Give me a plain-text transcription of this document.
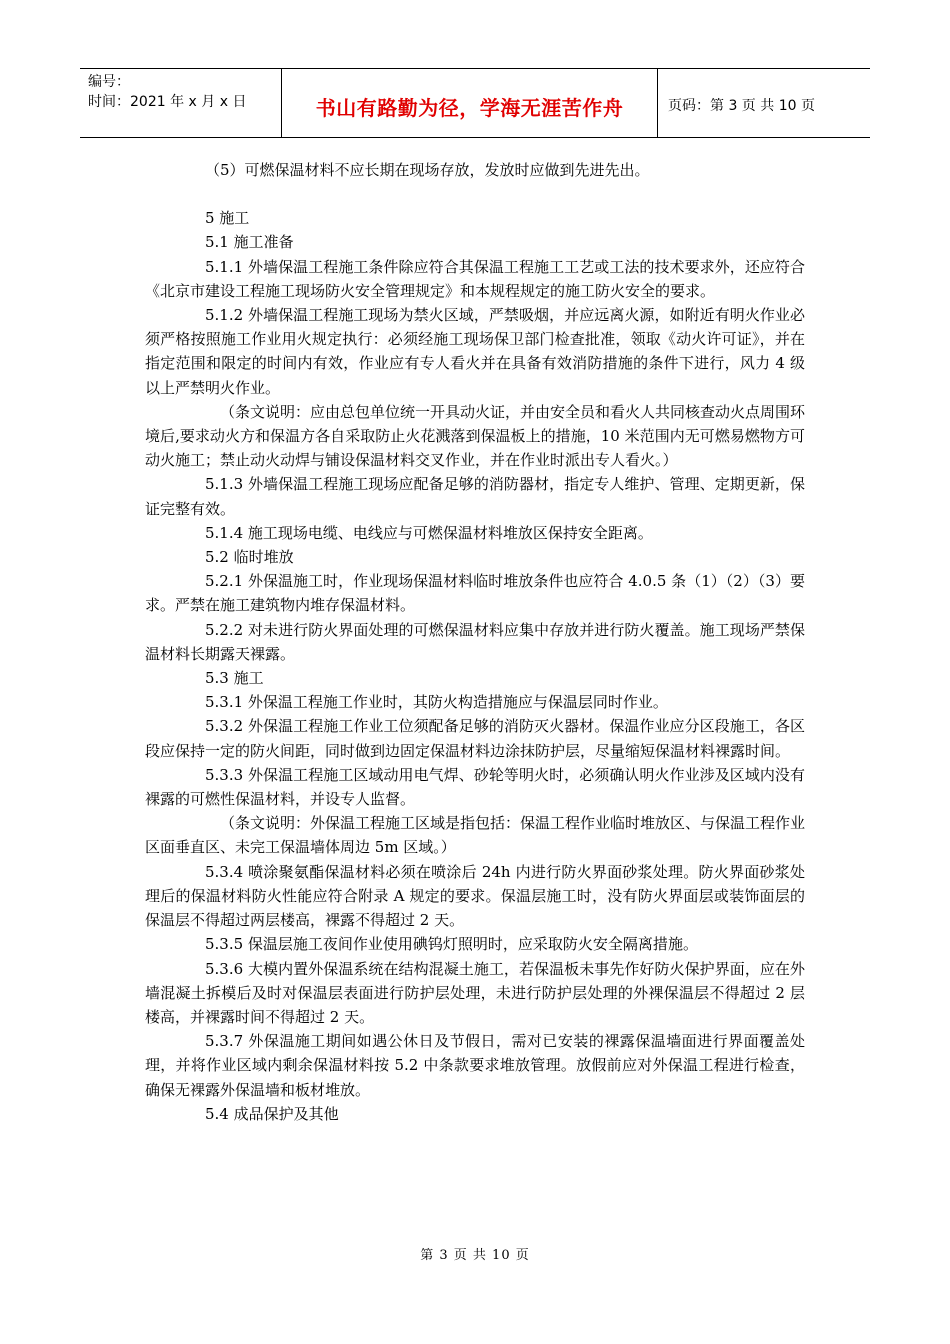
编号：
时间：2021 年 x 月 x 日	书山有路勤为径，学海无涯苦作舟	页码：第 3 页 共 10 页

（5）可燃保温材料不应长期在现场存放，发放时应做到先进先出。

5 施工

5.1 施工准备

5.1.1 外墙保温工程施工条件除应符合其保温工程施工工艺或工法的技术要求外，还应符合《北京市建设工程施工现场防火安全管理规定》和本规程规定的施工防火安全的要求。

5.1.2 外墙保温工程施工现场为禁火区域，严禁吸烟，并应远离火源，如附近有明火作业必须严格按照施工作业用火规定执行：必须经施工现场保卫部门检查批准，领取《动火许可证》，并在指定范围和限定的时间内有效，作业应有专人看火并在具备有效消防措施的条件下进行，风力 4 级以上严禁明火作业。

（条文说明：应由总包单位统一开具动火证，并由安全员和看火人共同核查动火点周围环境后,要求动火方和保温方各自采取防止火花溅落到保温板上的措施，10 米范围内无可燃易燃物方可动火施工；禁止动火动焊与铺设保温材料交叉作业，并在作业时派出专人看火。）

5.1.3 外墙保温工程施工现场应配备足够的消防器材，指定专人维护、管理、定期更新，保证完整有效。

5.1.4 施工现场电缆、电线应与可燃保温材料堆放区保持安全距离。

5.2 临时堆放

5.2.1 外保温施工时，作业现场保温材料临时堆放条件也应符合 4.0.5 条（1）（2）（3）要求。严禁在施工建筑物内堆存保温材料。

5.2.2 对未进行防火界面处理的可燃保温材料应集中存放并进行防火覆盖。施工现场严禁保温材料长期露天裸露。

5.3 施工

5.3.1 外保温工程施工作业时，其防火构造措施应与保温层同时作业。

5.3.2 外保温工程施工作业工位须配备足够的消防灭火器材。保温作业应分区段施工，各区段应保持一定的防火间距，同时做到边固定保温材料边涂抹防护层，尽量缩短保温材料裸露时间。

5.3.3 外保温工程施工区域动用电气焊、砂轮等明火时，必须确认明火作业涉及区域内没有裸露的可燃性保温材料，并设专人监督。

（条文说明：外保温工程施工区域是指包括：保温工程作业临时堆放区、与保温工程作业区面垂直区、未完工保温墙体周边 5m 区域。）

5.3.4 喷涂聚氨酯保温材料必须在喷涂后 24h 内进行防火界面砂浆处理。防火界面砂浆处理后的保温材料防火性能应符合附录 A 规定的要求。保温层施工时，没有防火界面层或装饰面层的保温层不得超过两层楼高，裸露不得超过 2 天。

5.3.5 保温层施工夜间作业使用碘钨灯照明时，应采取防火安全隔离措施。

5.3.6 大模内置外保温系统在结构混凝土施工，若保温板未事先作好防火保护界面，应在外墙混凝土拆模后及时对保温层表面进行防护层处理，未进行防护层处理的外裸保温层不得超过 2 层楼高，并裸露时间不得超过 2 天。

5.3.7 外保温施工期间如遇公休日及节假日，需对已安装的裸露保温墙面进行界面覆盖处理，并将作业区域内剩余保温材料按 5.2 中条款要求堆放管理。放假前应对外保温工程进行检查，确保无裸露外保温墙和板材堆放。

5.4 成品保护及其他

第 3 页 共 10 页
